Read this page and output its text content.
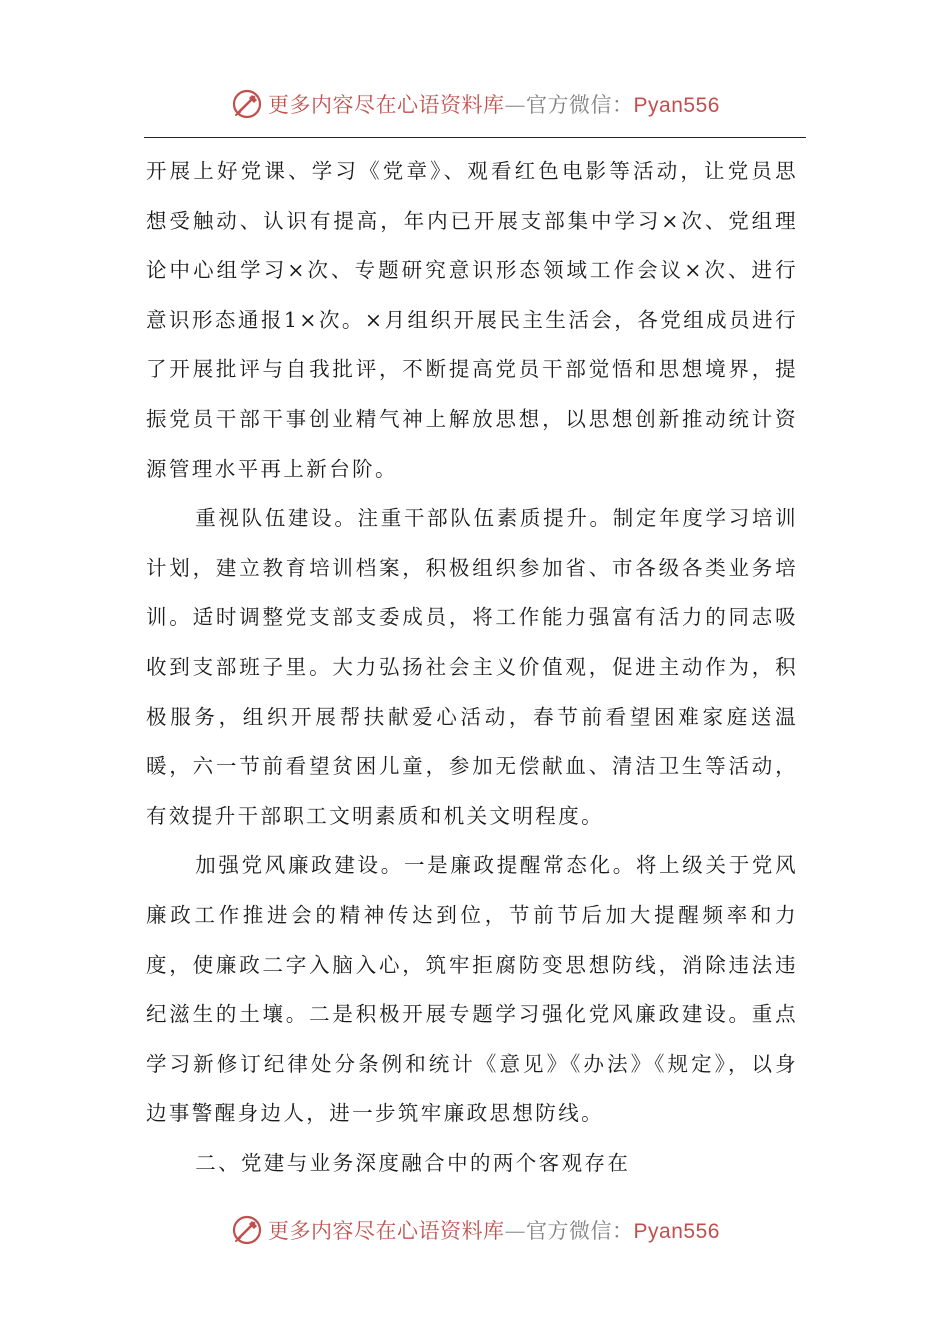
更多内容尽在心语资料库—官方微信：Pyan556

开展上好党课、学习《党章》、观看红色电影等活动，让党员思想受触动、认识有提高，年内已开展支部集中学习×次、党组理论中心组学习×次、专题研究意识形态领域工作会议×次、进行意识形态通报1×次。×月组织开展民主生活会，各党组成员进行了开展批评与自我批评，不断提高党员干部觉悟和思想境界，提振党员干部干事创业精气神上解放思想，以思想创新推动统计资源管理水平再上新台阶。

重视队伍建设。注重干部队伍素质提升。制定年度学习培训计划，建立教育培训档案，积极组织参加省、市各级各类业务培训。适时调整党支部支委成员，将工作能力强富有活力的同志吸收到支部班子里。大力弘扬社会主义价值观，促进主动作为，积极服务，组织开展帮扶献爱心活动，春节前看望困难家庭送温暖，六一节前看望贫困儿童，参加无偿献血、清洁卫生等活动，有效提升干部职工文明素质和机关文明程度。

加强党风廉政建设。一是廉政提醒常态化。将上级关于党风廉政工作推进会的精神传达到位，节前节后加大提醒频率和力度，使廉政二字入脑入心，筑牢拒腐防变思想防线，消除违法违纪滋生的土壤。二是积极开展专题学习强化党风廉政建设。重点学习新修订纪律处分条例和统计《意见》《办法》《规定》，以身边事警醒身边人，进一步筑牢廉政思想防线。

二、党建与业务深度融合中的两个客观存在

更多内容尽在心语资料库—官方微信：Pyan556
